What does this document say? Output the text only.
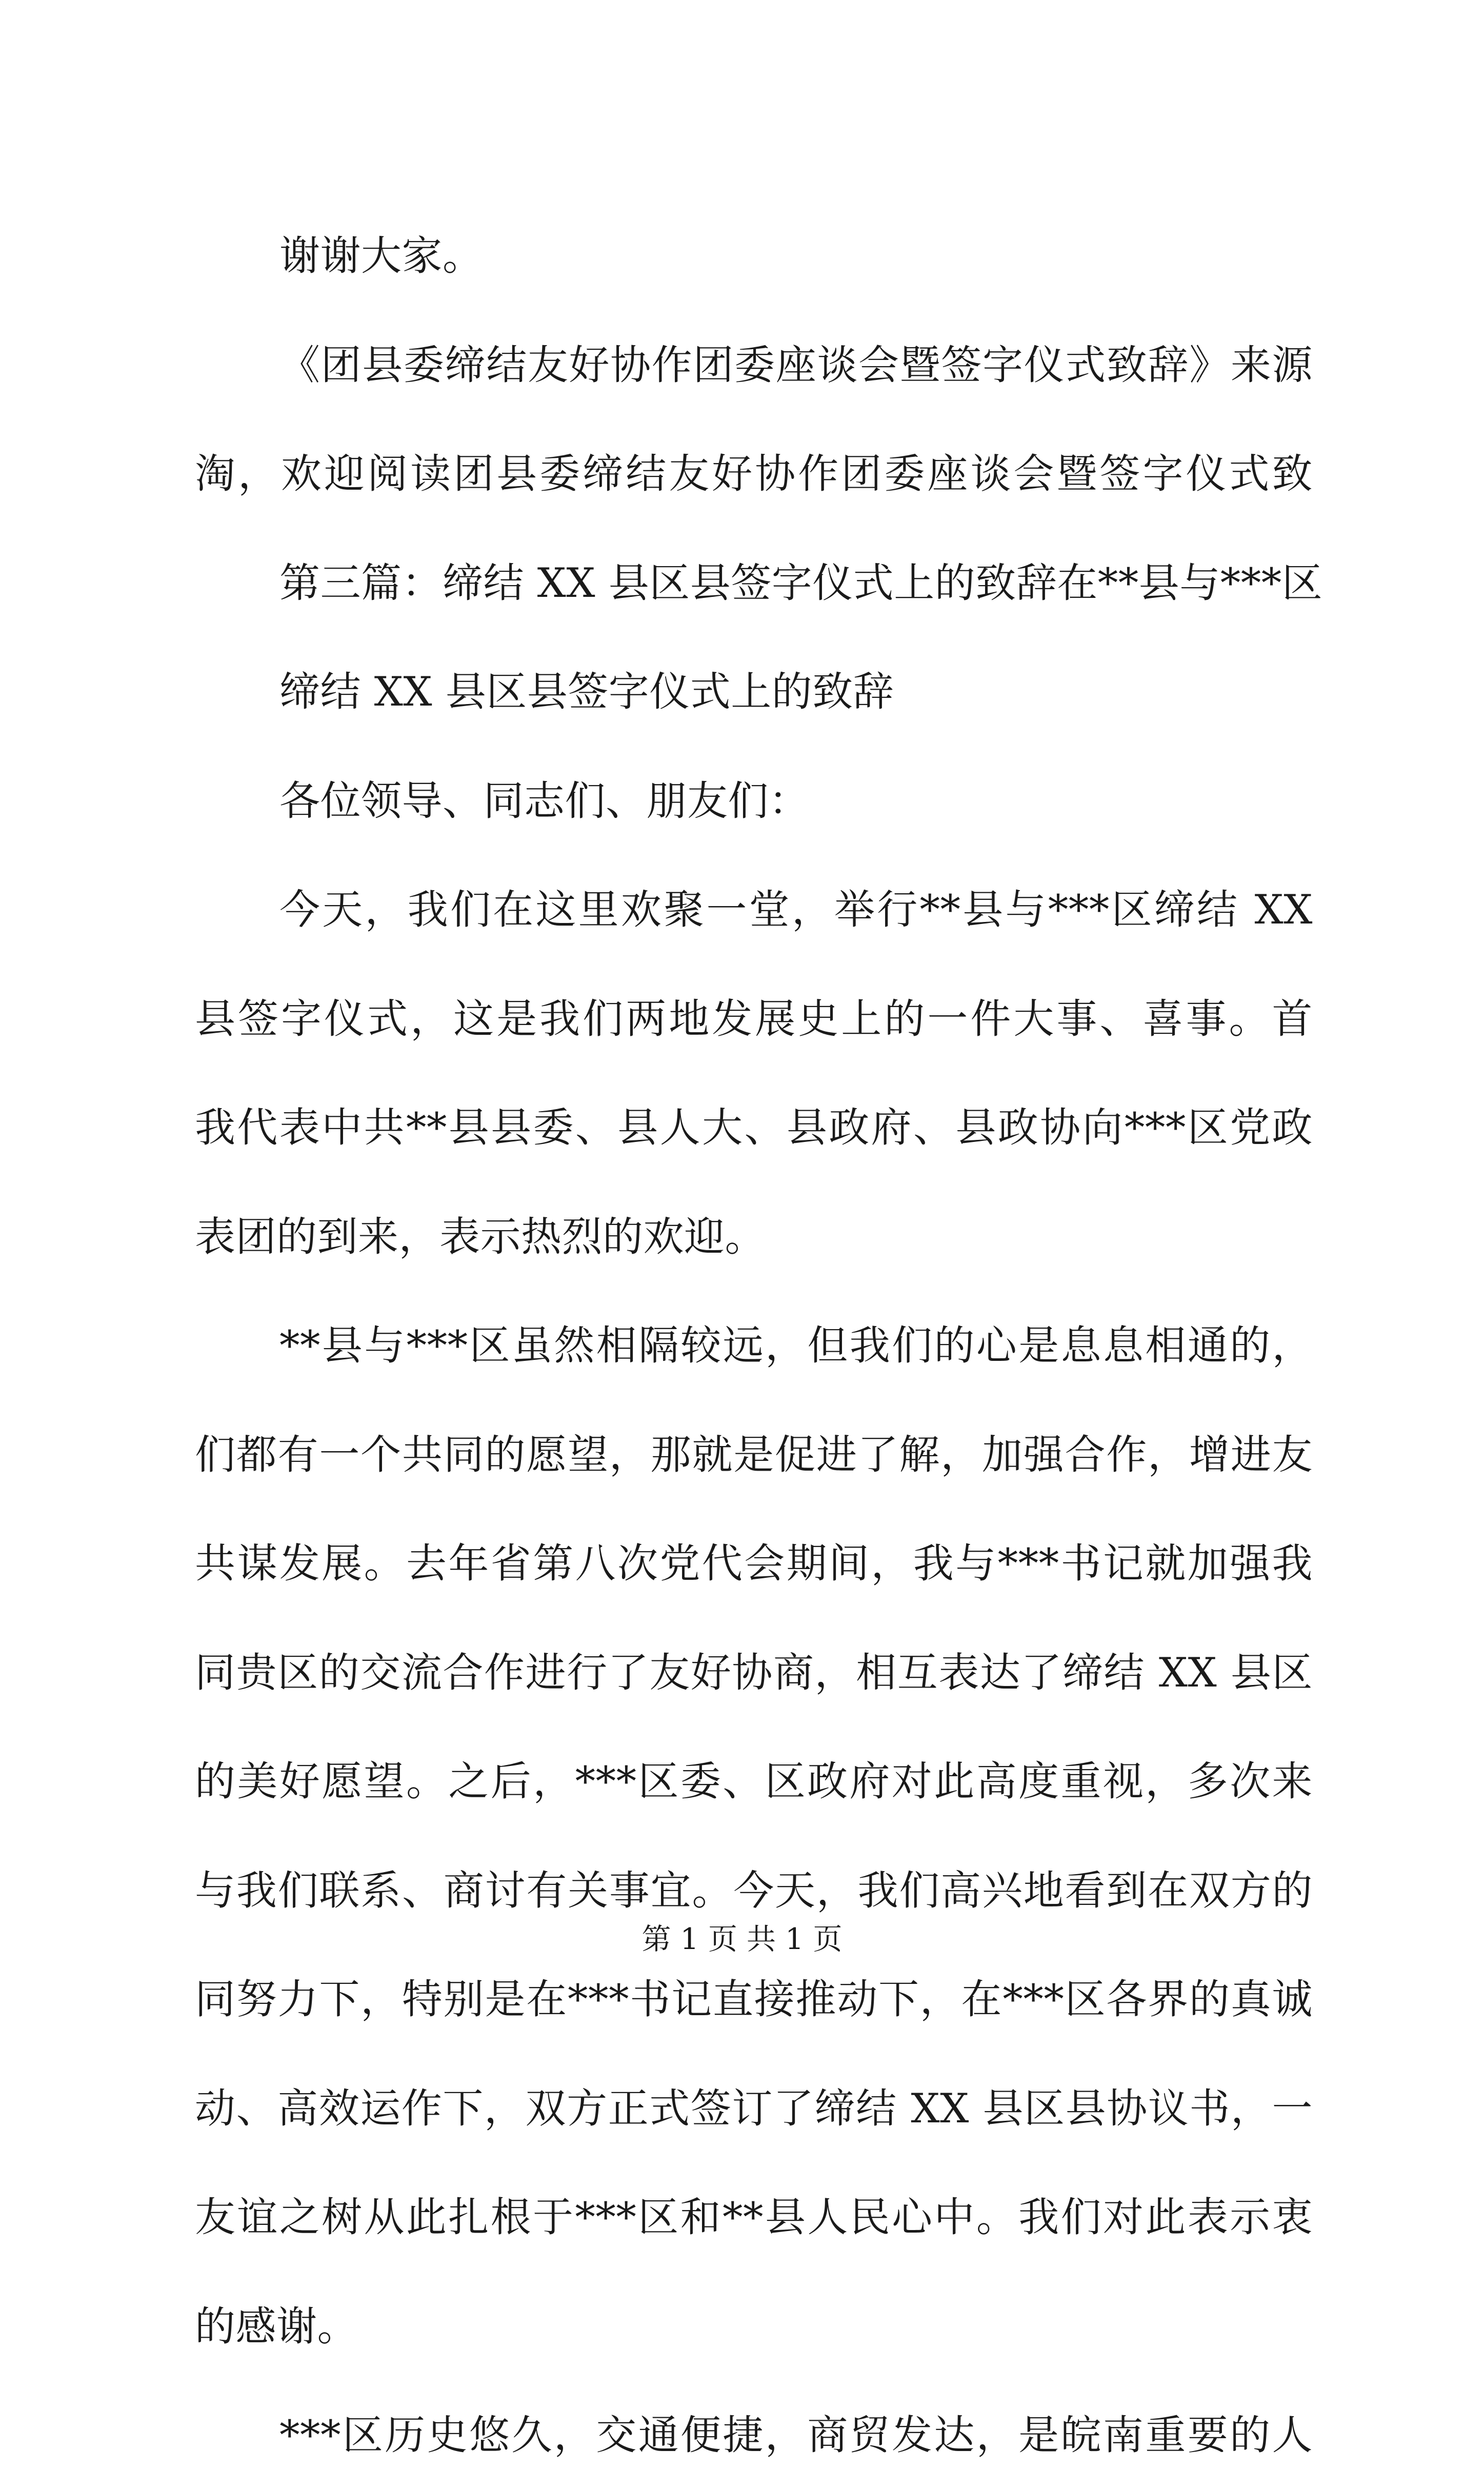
谢谢大家。
《团县委缔结友好协作团委座谈会暨签字仪式致辞》来源
淘，欢迎阅读团县委缔结友好协作团委座谈会暨签字仪式致
第三篇：缔结 XX 县区县签字仪式上的致辞在**县与***区
缔结 XX 县区县签字仪式上的致辞
各位领导、同志们、朋友们：
今天，我们在这里欢聚一堂，举行**县与***区缔结 XX
县签字仪式，这是我们两地发展史上的一件大事、喜事。首
我代表中共**县县委、县人大、县政府、县政协向***区党政
表团的到来，表示热烈的欢迎。
**县与***区虽然相隔较远，但我们的心是息息相通的，
们都有一个共同的愿望，那就是促进了解，加强合作，增进友
共谋发展。去年省第八次党代会期间，我与***书记就加强我
同贵区的交流合作进行了友好协商，相互表达了缔结 XX 县区
的美好愿望。之后，***区委、区政府对此高度重视，多次来
与我们联系、商讨有关事宜。今天，我们高兴地看到在双方的
同努力下，特别是在***书记直接推动下，在***区各界的真诚
动、高效运作下，双方正式签订了缔结 XX 县区县协议书，一
友谊之树从此扎根于***区和**县人民心中。我们对此表示衷
的感谢。
***区历史悠久，交通便捷，商贸发达，是皖南重要的人
第 1 页 共 1 页
